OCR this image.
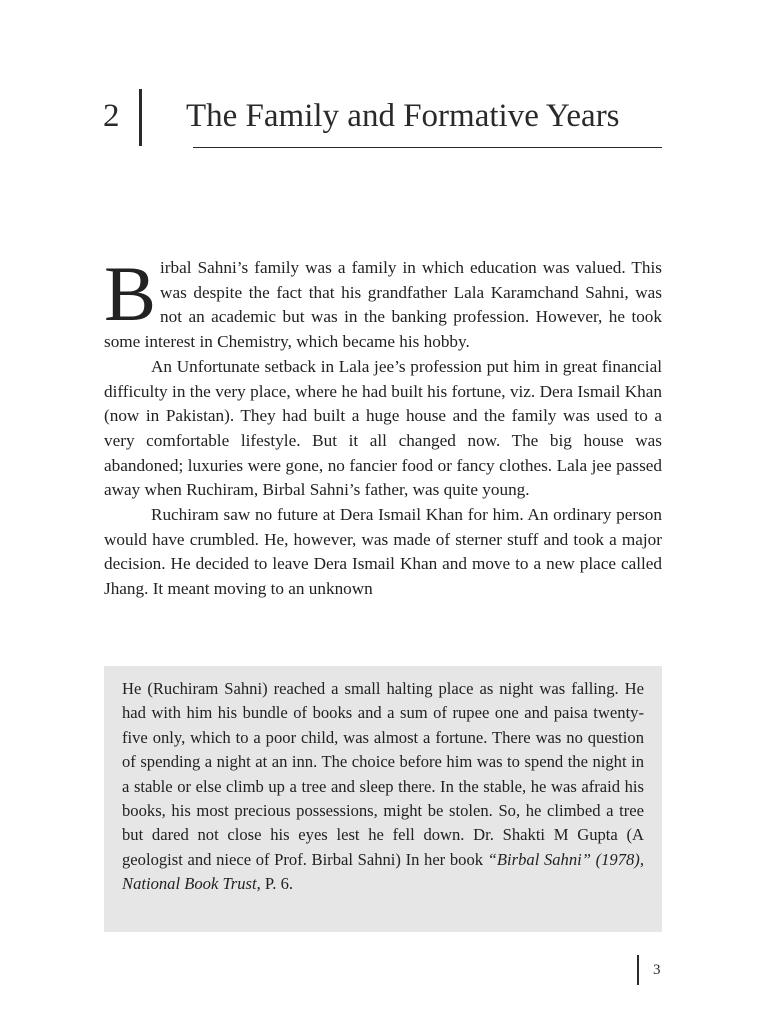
2 The Family and Formative Years

Birbal Sahni’s family was a family in which education was valued. This was despite the fact that his grandfather Lala Karamchand Sahni, was not an academic but was in the banking profession. However, he took some interest in Chemistry, which became his hobby.

An Unfortunate setback in Lala jee’s profession put him in great financial difficulty in the very place, where he had built his fortune, viz. Dera Ismail Khan (now in Pakistan). They had built a huge house and the family was used to a very comfortable lifestyle. But it all changed now. The big house was abandoned; luxuries were gone, no fancier food or fancy clothes. Lala jee passed away when Ruchiram, Birbal Sahni’s father, was quite young.

Ruchiram saw no future at Dera Ismail Khan for him. An ordinary person would have crumbled. He, however, was made of sterner stuff and took a major decision. He decided to leave Dera Ismail Khan and move to a new place called Jhang. It meant moving to an unknown

He (Ruchiram Sahni) reached a small halting place as night was falling. He had with him his bundle of books and a sum of rupee one and paisa twenty-five only, which to a poor child, was almost a fortune. There was no question of spending a night at an inn. The choice before him was to spend the night in a stable or else climb up a tree and sleep there. In the stable, he was afraid his books, his most precious possessions, might be stolen. So, he climbed a tree but dared not close his eyes lest he fell down. Dr. Shakti M Gupta (A geologist and niece of Prof. Birbal Sahni) In her book “Birbal Sahni” (1978), National Book Trust, P. 6.

3
